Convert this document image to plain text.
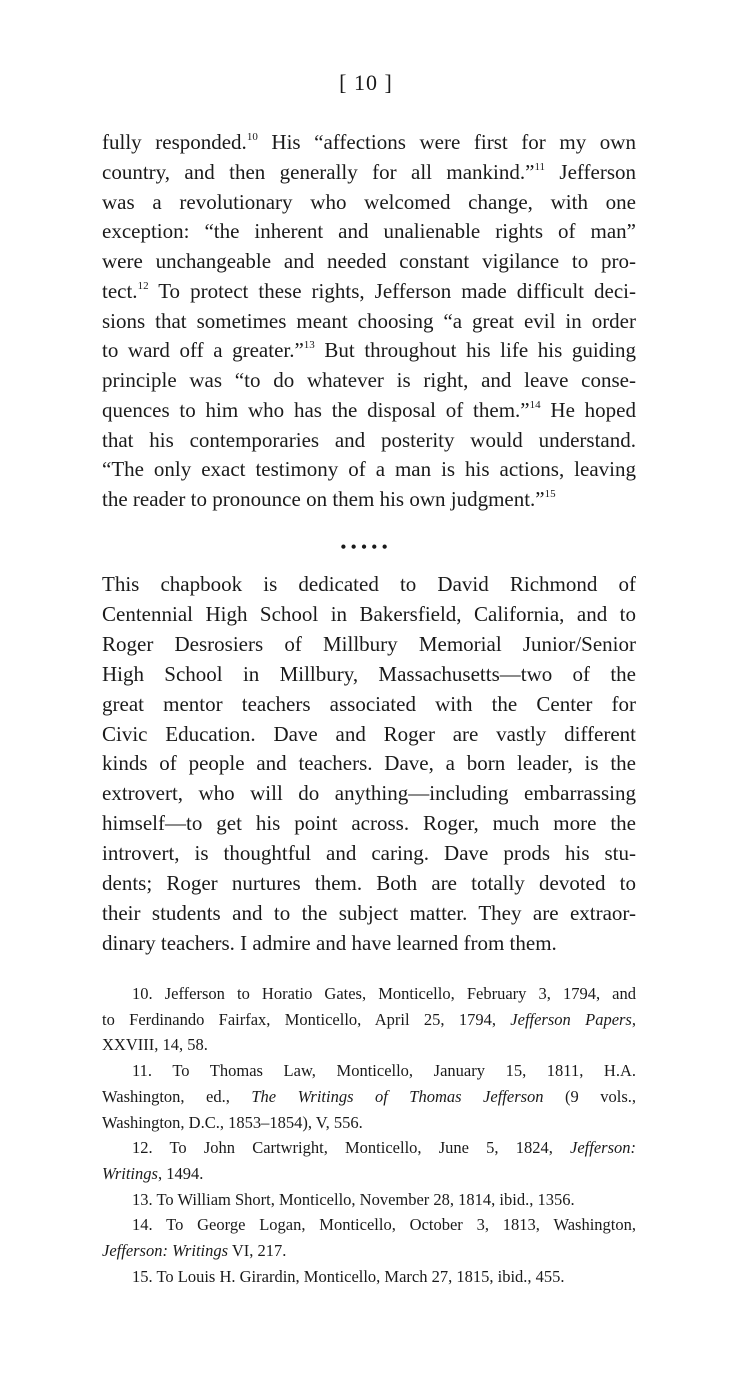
[ 10 ]
fully responded.$^{10}$ His “affections were first for my own
country, and then generally for all mankind.”$^{11}$ Jefferson
was a revolutionary who welcomed change, with one
exception: “the inherent and unalienable rights of man”
were unchangeable and needed constant vigilance to pro-
tect.$^{12}$ To protect these rights, Jefferson made difficult deci-
sions that sometimes meant choosing “a great evil in order
to ward off a greater.”$^{13}$ But throughout his life his guiding
principle was “to do whatever is right, and leave conse-
quences to him who has the disposal of them.”$^{14}$ He hoped
that his contemporaries and posterity would understand.
“The only exact testimony of a man is his actions, leaving
the reader to pronounce on them his own judgment.”$^{15}$
•••••
This chapbook is dedicated to David Richmond of
Centennial High School in Bakersfield, California, and to
Roger Desrosiers of Millbury Memorial Junior/Senior
High School in Millbury, Massachusetts—two of the
great mentor teachers associated with the Center for
Civic Education. Dave and Roger are vastly different
kinds of people and teachers. Dave, a born leader, is the
extrovert, who will do anything—including embarrassing
himself—to get his point across. Roger, much more the
introvert, is thoughtful and caring. Dave prods his stu-
dents; Roger nurtures them. Both are totally devoted to
their students and to the subject matter. They are extraor-
dinary teachers. I admire and have learned from them.
10. Jefferson to Horatio Gates, Monticello, February 3, 1794, and
to Ferdinando Fairfax, Monticello, April 25, 1794, Jefferson Papers,
XXVIII, 14, 58.
11. To Thomas Law, Monticello, January 15, 1811, H.A.
Washington, ed., The Writings of Thomas Jefferson (9 vols.,
Washington, D.C., 1853–1854), V, 556.
12. To John Cartwright, Monticello, June 5, 1824, Jefferson:
Writings, 1494.
13. To William Short, Monticello, November 28, 1814, ibid., 1356.
14. To George Logan, Monticello, October 3, 1813, Washington,
Jefferson: Writings VI, 217.
15. To Louis H. Girardin, Monticello, March 27, 1815, ibid., 455.
